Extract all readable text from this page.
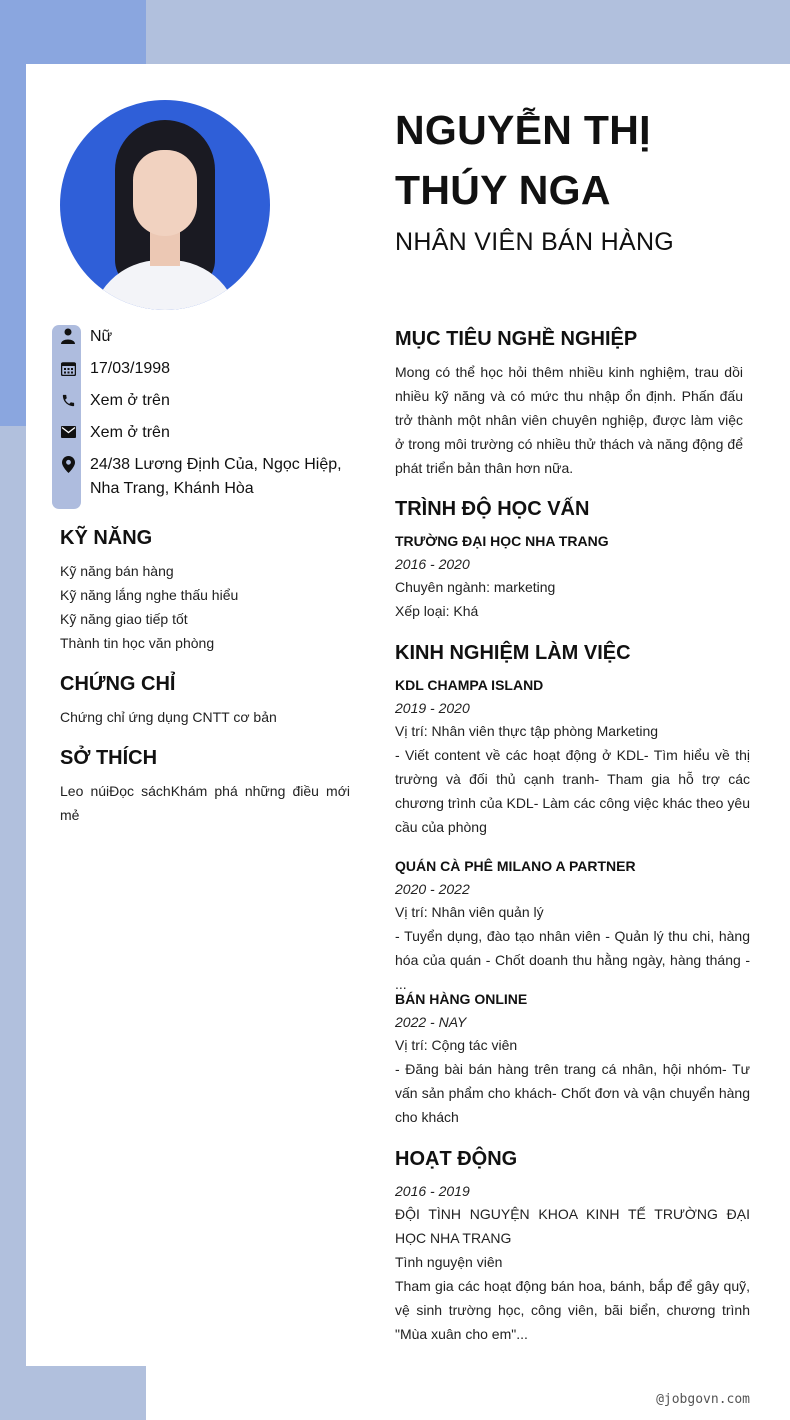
NGUYỄN THỊ
THÚY NGA
NHÂN VIÊN BÁN HÀNG
Nữ
17/03/1998
Xem ở trên
Xem ở trên
24/38 Lương Định Của, Ngọc Hiệp, Nha Trang, Khánh Hòa
KỸ NĂNG
Kỹ năng bán hàng
Kỹ năng lắng nghe thấu hiểu
Kỹ năng giao tiếp tốt
Thành tin học văn phòng
CHỨNG CHỈ
Chứng chỉ ứng dụng CNTT cơ bản
SỞ THÍCH
Leo núiĐọc sáchKhám phá những điều mới mẻ
MỤC TIÊU NGHỀ NGHIỆP
Mong có thể học hỏi thêm nhiều kinh nghiệm, trau dồi nhiều kỹ năng và có mức thu nhập ổn định. Phấn đấu trở thành một nhân viên chuyên nghiệp, được làm việc ở trong môi trường có nhiều thử thách và năng động để phát triển bản thân hơn nữa.
TRÌNH ĐỘ HỌC VẤN
TRƯỜNG ĐẠI HỌC NHA TRANG
2016 - 2020
Chuyên ngành: marketing
Xếp loại: Khá
KINH NGHIỆM LÀM VIỆC
KDL CHAMPA ISLAND
2019 - 2020
Vị trí: Nhân viên thực tập phòng Marketing
- Viết content về các hoạt động ở KDL- Tìm hiểu về thị trường và đối thủ cạnh tranh- Tham gia hỗ trợ các chương trình của KDL- Làm các công việc khác theo yêu cầu của phòng
QUÁN CÀ PHÊ MILANO A PARTNER
2020 - 2022
Vị trí: Nhân viên quản lý
- Tuyển dụng, đào tạo nhân viên - Quản lý thu chi, hàng hóa của quán - Chốt doanh thu hằng ngày, hàng tháng - ...
BÁN HÀNG ONLINE
2022 - NAY
Vị trí: Cộng tác viên
- Đăng bài bán hàng trên trang cá nhân, hội nhóm- Tư vấn sản phẩm cho khách- Chốt đơn và vận chuyển hàng cho khách
HOẠT ĐỘNG
2016 - 2019
ĐỘI TÌNH NGUYỆN KHOA KINH TẾ TRƯỜNG ĐẠI HỌC NHA TRANG
Tình nguyện viên
Tham gia các hoạt động bán hoa, bánh, bắp để gây quỹ, vệ sinh trường học, công viên, bãi biển, chương trình "Mùa xuân cho em"...
@jobgovn.com
